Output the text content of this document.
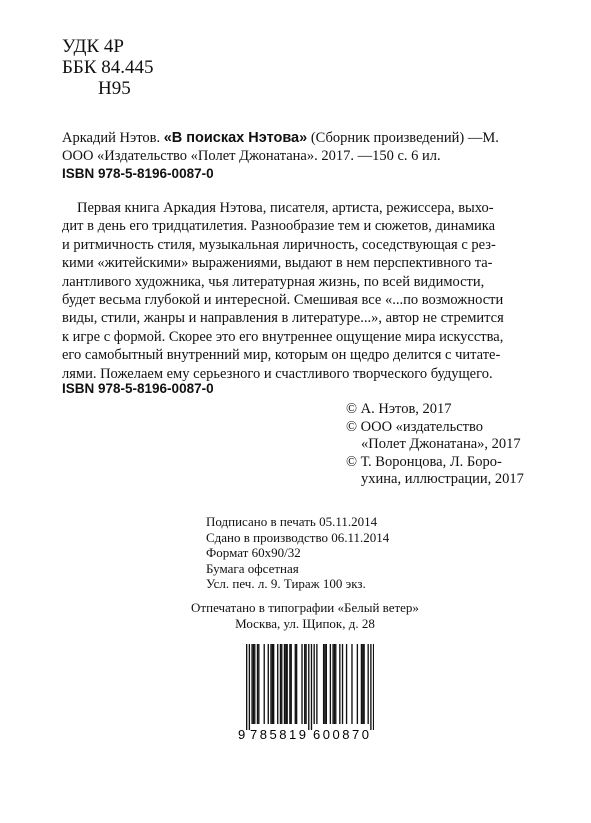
УДК 4Р
ББК 84.445
Н95
Аркадий Нэтов. «В поисках Нэтова» (Сборник произведений) —М.
ООО «Издательство «Полет Джонатана». 2017. —150 с. 6 ил.
ISBN 978-5-8196-0087-0
Первая книга Аркадия Нэтова, писателя, артиста, режиссера, выхо-
дит в день его тридцатилетия. Разнообразие тем и сюжетов, динамика
и ритмичность стиля, музыкальная лиричность, соседствующая с рез-
кими «житейскими» выражениями, выдают в нем перспективного та-
лантливого художника, чья литературная жизнь, по всей видимости,
будет весьма глубокой и интересной. Смешивая все «...по возможности
виды, стили, жанры и направления в литературе...», автор не стремится
к игре с формой. Скорее это его внутреннее ощущение мира искусства,
его самобытный внутренний мир, которым он щедро делится с читате-
лями. Пожелаем ему серьезного и счастливого творческого будущего.
ISBN 978-5-8196-0087-0
© А. Нэтов, 2017
© ООО «издательство
«Полет Джонатана», 2017
© Т. Воронцова, Л. Боро-
ухина, иллюстрации, 2017
Подписано в печать 05.11.2014
Сдано в производство 06.11.2014
Формат 60x90/32
Бумага офсетная
Усл. печ. л. 9. Тираж 100 экз.
Отпечатано в типографии «Белый ветер»
Москва, ул. Щипок, д. 28
9 785819 600870
